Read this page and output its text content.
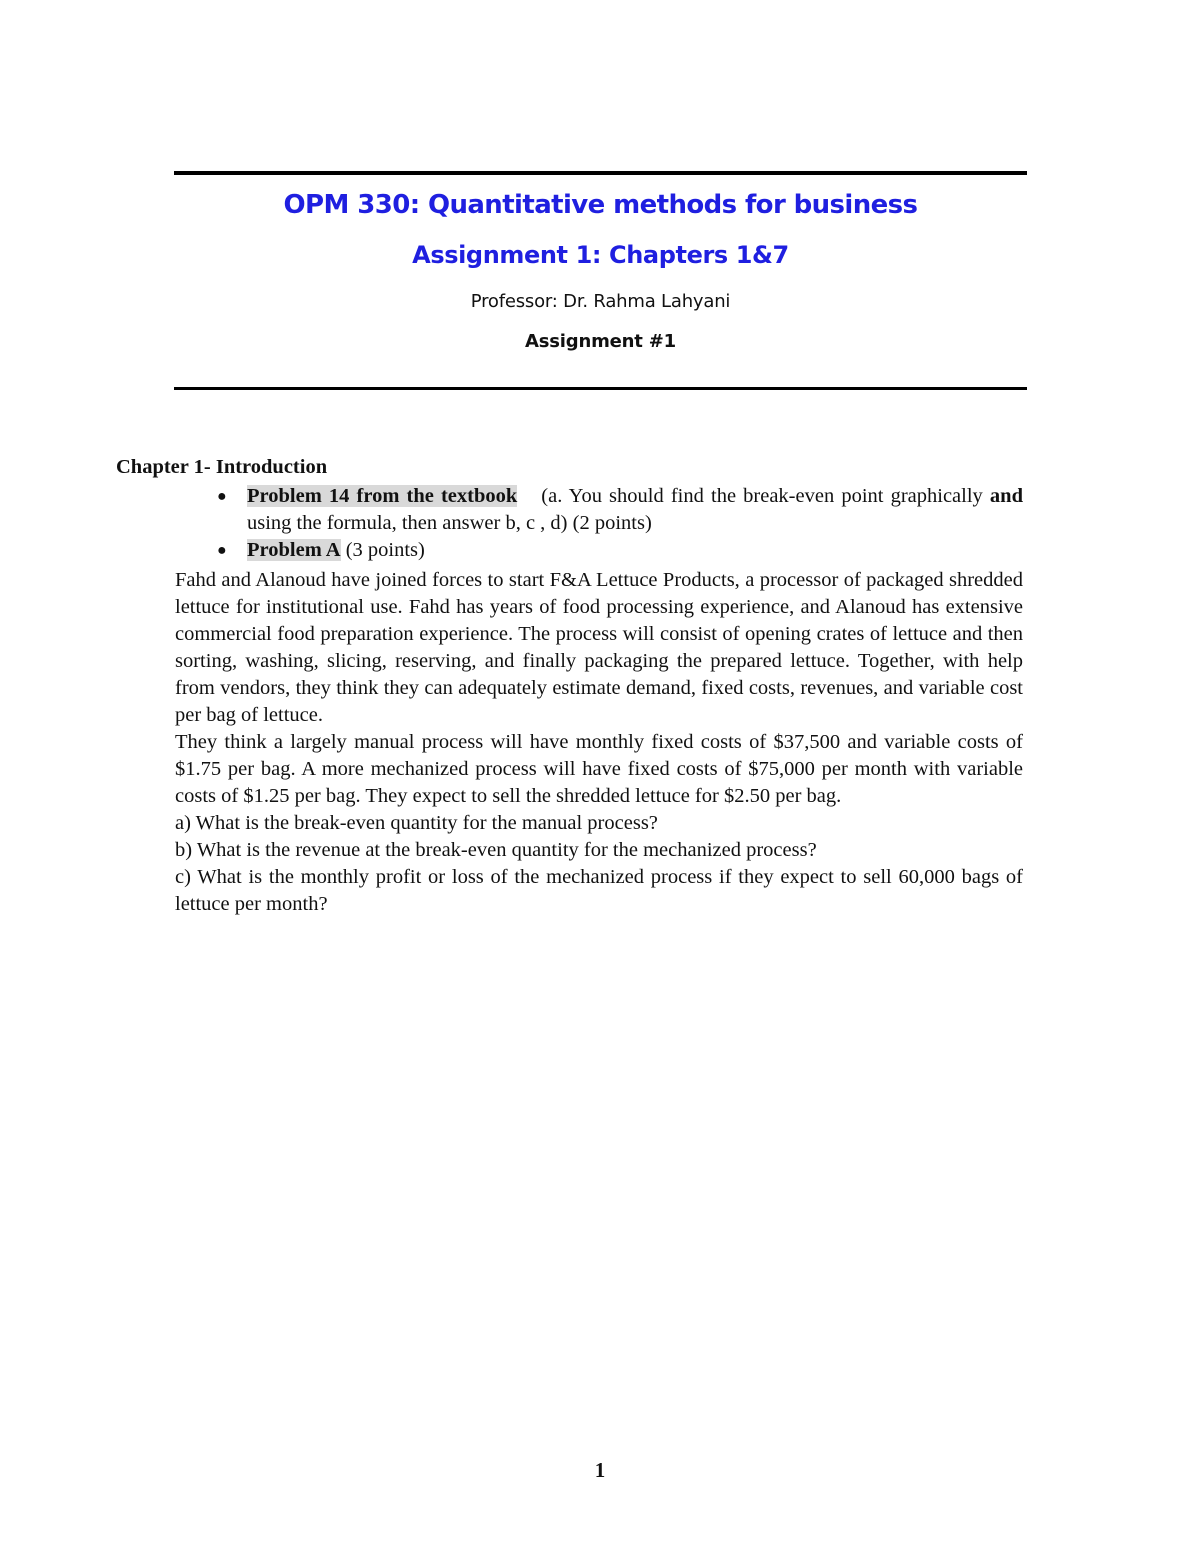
OPM 330: Quantitative methods for business
Assignment 1: Chapters 1&7
Professor: Dr. Rahma Lahyani
Assignment #1

Chapter 1- Introduction

● Problem 14 from the textbook (a. You should find the break-even point graphically and using the formula, then answer b, c , d) (2 points)
● Problem A (3 points)

Fahd and Alanoud have joined forces to start F&A Lettuce Products, a processor of packaged shredded lettuce for institutional use. Fahd has years of food processing experience, and Alanoud has extensive commercial food preparation experience. The process will consist of opening crates of lettuce and then sorting, washing, slicing, reserving, and finally packaging the prepared lettuce. Together, with help from vendors, they think they can adequately estimate demand, fixed costs, revenues, and variable cost per bag of lettuce.

They think a largely manual process will have monthly fixed costs of $37,500 and variable costs of $1.75 per bag. A more mechanized process will have fixed costs of $75,000 per month with variable costs of $1.25 per bag. They expect to sell the shredded lettuce for $2.50 per bag.

a) What is the break-even quantity for the manual process?

b) What is the revenue at the break-even quantity for the mechanized process?

c) What is the monthly profit or loss of the mechanized process if they expect to sell 60,000 bags of lettuce per month?

1
